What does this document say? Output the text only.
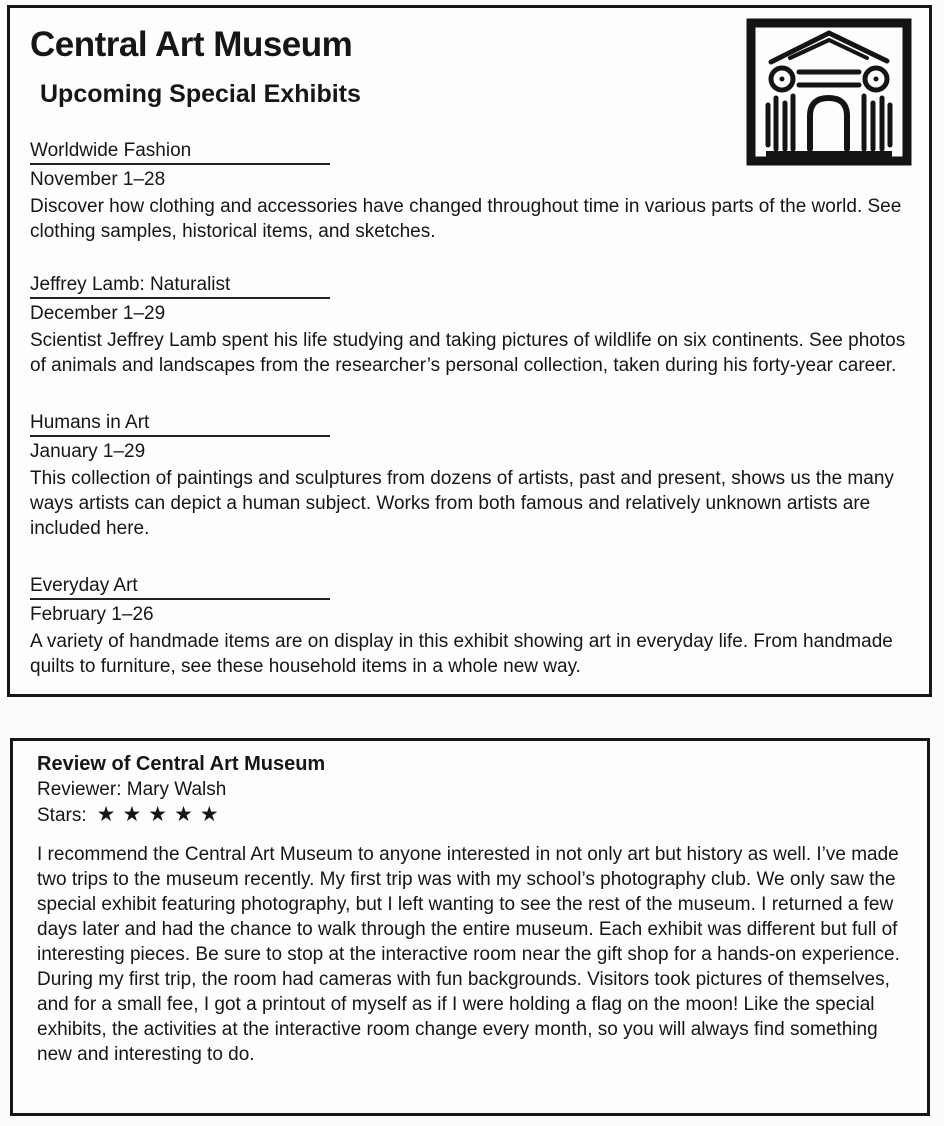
Central Art Museum
Upcoming Special Exhibits
Worldwide Fashion
November 1–28
Discover how clothing and accessories have changed throughout time in various parts of the world. See clothing samples, historical items, and sketches.
Jeffrey Lamb: Naturalist
December 1–29
Scientist Jeffrey Lamb spent his life studying and taking pictures of wildlife on six continents. See photos of animals and landscapes from the researcher’s personal collection, taken during his forty-year career.
Humans in Art
January 1–29
This collection of paintings and sculptures from dozens of artists, past and present, shows us the many ways artists can depict a human subject. Works from both famous and relatively unknown artists are included here.
Everyday Art
February 1–26
A variety of handmade items are on display in this exhibit showing art in everyday life. From handmade quilts to furniture, see these household items in a whole new way.
Review of Central Art Museum
Reviewer: Mary Walsh
Stars: ★★★★★
I recommend the Central Art Museum to anyone interested in not only art but history as well. I’ve made two trips to the museum recently. My first trip was with my school’s photography club. We only saw the special exhibit featuring photography, but I left wanting to see the rest of the museum. I returned a few days later and had the chance to walk through the entire museum. Each exhibit was different but full of interesting pieces. Be sure to stop at the interactive room near the gift shop for a hands-on experience. During my first trip, the room had cameras with fun backgrounds. Visitors took pictures of themselves, and for a small fee, I got a printout of myself as if I were holding a flag on the moon! Like the special exhibits, the activities at the interactive room change every month, so you will always find something new and interesting to do.
